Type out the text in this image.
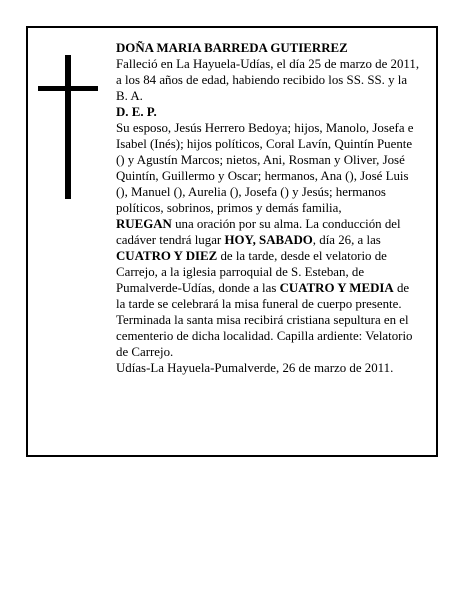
DOÑA MARIA BARREDA GUTIERREZ

Falleció en La Hayuela-Udías, el día 25 de marzo de 2011, a los 84 años de edad, habiendo recibido los SS. SS. y la B. A.

D. E. P.

Su esposo, Jesús Herrero Bedoya; hijos, Manolo, Josefa e Isabel (Inés); hijos políticos, Coral Lavín, Quintín Puente () y Agustín Marcos; nietos, Ani, Rosman y Oliver, José Quintín, Guillermo y Oscar; hermanos, Ana (), José Luis (), Manuel (), Aurelia (), Josefa () y Jesús; hermanos políticos, sobrinos, primos y demás familia,

RUEGAN una oración por su alma. La conducción del cadáver tendrá lugar HOY, SABADO, día 26, a las CUATRO Y DIEZ de la tarde, desde el velatorio de Carrejo, a la iglesia parroquial de S. Esteban, de Pumalverde-Udías, donde a las CUATRO Y MEDIA de la tarde se celebrará la misa funeral de cuerpo presente. Terminada la santa misa recibirá cristiana sepultura en el cementerio de dicha localidad. Capilla ardiente: Velatorio de Carrejo.

Udías-La Hayuela-Pumalverde, 26 de marzo de 2011.
